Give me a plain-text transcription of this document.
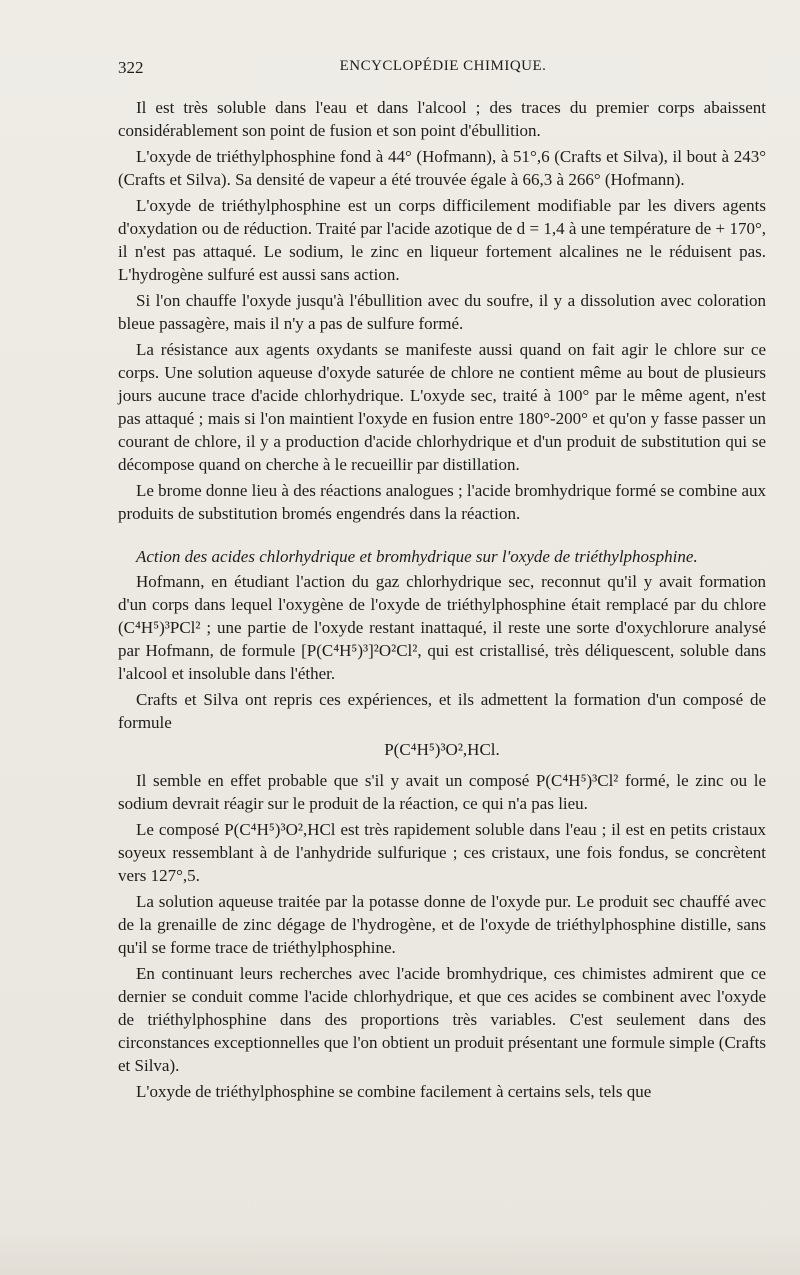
322	ENCYCLOPÉDIE CHIMIQUE.

Il est très soluble dans l'eau et dans l'alcool ; des traces du premier corps abaissent considérablement son point de fusion et son point d'ébullition.

L'oxyde de triéthylphosphine fond à 44° (Hofmann), à 51°,6 (Crafts et Silva), il bout à 243° (Crafts et Silva). Sa densité de vapeur a été trouvée égale à 66,3 à 266° (Hofmann).

L'oxyde de triéthylphosphine est un corps difficilement modifiable par les divers agents d'oxydation ou de réduction. Traité par l'acide azotique de d = 1,4 à une température de + 170°, il n'est pas attaqué. Le sodium, le zinc en liqueur fortement alcalines ne le réduisent pas. L'hydrogène sulfuré est aussi sans action.

Si l'on chauffe l'oxyde jusqu'à l'ébullition avec du soufre, il y a dissolution avec coloration bleue passagère, mais il n'y a pas de sulfure formé.

La résistance aux agents oxydants se manifeste aussi quand on fait agir le chlore sur ce corps. Une solution aqueuse d'oxyde saturée de chlore ne contient même au bout de plusieurs jours aucune trace d'acide chlorhydrique. L'oxyde sec, traité à 100° par le même agent, n'est pas attaqué ; mais si l'on maintient l'oxyde en fusion entre 180°-200° et qu'on y fasse passer un courant de chlore, il y a production d'acide chlorhydrique et d'un produit de substitution qui se décompose quand on cherche à le recueillir par distillation.

Le brome donne lieu à des réactions analogues ; l'acide bromhydrique formé se combine aux produits de substitution bromés engendrés dans la réaction.

Action des acides chlorhydrique et bromhydrique sur l'oxyde de triéthylphosphine.

Hofmann, en étudiant l'action du gaz chlorhydrique sec, reconnut qu'il y avait formation d'un corps dans lequel l'oxygène de l'oxyde de triéthylphosphine était remplacé par du chlore (C⁴H⁵)³PCl² ; une partie de l'oxyde restant inattaqué, il reste une sorte d'oxychlorure analysé par Hofmann, de formule [P(C⁴H⁵)³]²O²Cl², qui est cristallisé, très déliquescent, soluble dans l'alcool et insoluble dans l'éther.

Crafts et Silva ont repris ces expériences, et ils admettent la formation d'un composé de formule

P(C⁴H⁵)³O²,HCl.

Il semble en effet probable que s'il y avait un composé P(C⁴H⁵)³Cl² formé, le zinc ou le sodium devrait réagir sur le produit de la réaction, ce qui n'a pas lieu.

Le composé P(C⁴H⁵)³O²,HCl est très rapidement soluble dans l'eau ; il est en petits cristaux soyeux ressemblant à de l'anhydride sulfurique ; ces cristaux, une fois fondus, se concrètent vers 127°,5.

La solution aqueuse traitée par la potasse donne de l'oxyde pur. Le produit sec chauffé avec de la grenaille de zinc dégage de l'hydrogène, et de l'oxyde de triéthylphosphine distille, sans qu'il se forme trace de triéthylphosphine.

En continuant leurs recherches avec l'acide bromhydrique, ces chimistes admirent que ce dernier se conduit comme l'acide chlorhydrique, et que ces acides se combinent avec l'oxyde de triéthylphosphine dans des proportions très variables. C'est seulement dans des circonstances exceptionnelles que l'on obtient un produit présentant une formule simple (Crafts et Silva).

L'oxyde de triéthylphosphine se combine facilement à certains sels, tels que
